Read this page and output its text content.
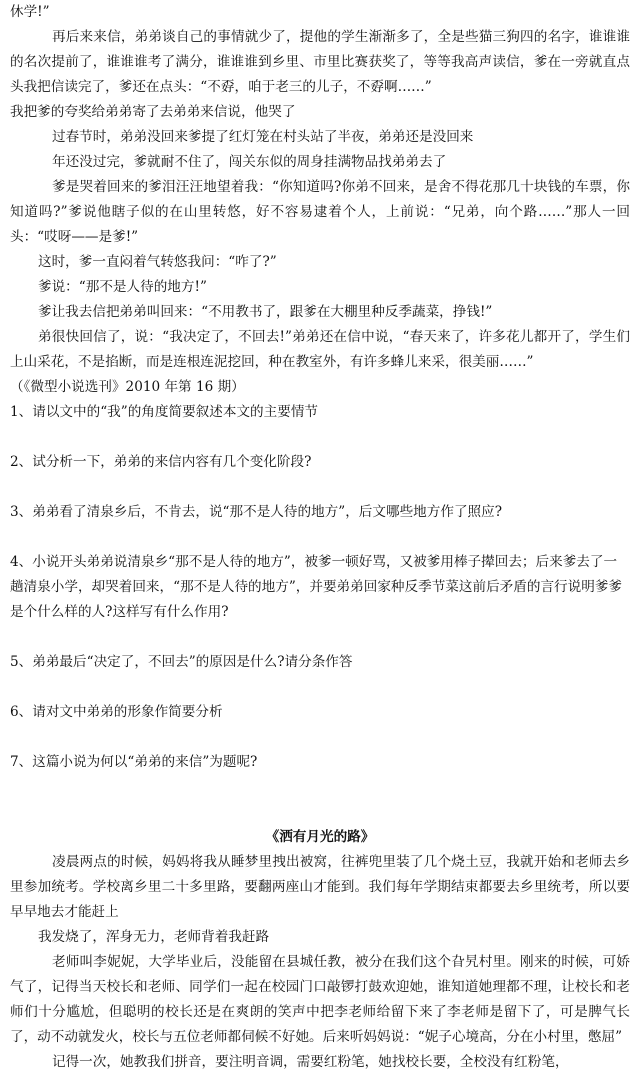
休学!”

再后来来信，弟弟谈自己的事情就少了，提他的学生渐渐多了，全是些猫三狗四的名字，谁谁谁的名次提前了，谁谁谁考了满分，谁谁谁到乡里、市里比赛获奖了，等等我高声读信，爹在一旁就直点头我把信读完了，爹还在点头：“不孬，咱于老三的儿子，不孬啊……”

我把爹的夸奖给弟弟寄了去弟弟来信说，他哭了

过春节时，弟弟没回来爹提了红灯笼在村头站了半夜，弟弟还是没回来

年还没过完，爹就耐不住了，闯关东似的周身挂满物品找弟弟去了

爹是哭着回来的爹泪汪汪地望着我：“你知道吗?你弟不回来，是舍不得花那几十块钱的车票，你知道吗?”爹说他瞎子似的在山里转悠，好不容易逮着个人，上前说：“兄弟，向个路……”那人一回头：“哎呀——是爹!”

这时，爹一直闷着气转悠我问：“咋了?”

爹说：“那不是人待的地方!”

爹让我去信把弟弟叫回来：“不用教书了，跟爹在大棚里种反季蔬菜，挣钱!”

弟很快回信了，说：“我决定了，不回去!”弟弟还在信中说，“春天来了，许多花儿都开了，学生们上山采花，不是掐断，而是连根连泥挖回，种在教室外，有许多蜂儿来采，很美丽……”

（《微型小说选刊》2010 年第 16 期）

1、请以文中的“我”的角度简要叙述本文的主要情节

2、试分析一下，弟弟的来信内容有几个变化阶段?

3、弟弟看了清泉乡后，不肯去，说“那不是人待的地方”，后文哪些地方作了照应?

4、小说开头弟弟说清泉乡“那不是人待的地方”，被爹一顿好骂，又被爹用棒子撵回去；后来爹去了一趟清泉小学，却哭着回来，“那不是人待的地方”，并要弟弟回家种反季节菜这前后矛盾的言行说明爹爹是个什么样的人?这样写有什么作用?

5、弟弟最后“决定了，不回去”的原因是什么?请分条作答

6、请对文中弟弟的形象作简要分析

7、这篇小说为何以“弟弟的来信”为题呢?

《洒有月光的路》

凌晨两点的时候，妈妈将我从睡梦里拽出被窝，往裤兜里装了几个烧土豆，我就开始和老师去乡里参加统考。学校离乡里二十多里路，要翻两座山才能到。我们每年学期结束都要去乡里统考，所以要早早地去才能赶上

我发烧了，浑身无力，老师背着我赶路

老师叫李妮妮，大学毕业后，没能留在县城任教，被分在我们这个旮旯村里。刚来的时候，可娇气了，记得当天校长和老师、同学们一起在校园门口敲锣打鼓欢迎她，谁知道她理都不理，让校长和老师们十分尴尬，但聪明的校长还是在爽朗的笑声中把李老师给留下来了李老师是留下了，可是脾气长了，动不动就发火，校长与五位老师都伺候不好她。后来听妈妈说：“妮子心境高，分在小村里，憋屈”

记得一次，她教我们拼音，要注明音调，需要红粉笔，她找校长要，全校没有红粉笔，
